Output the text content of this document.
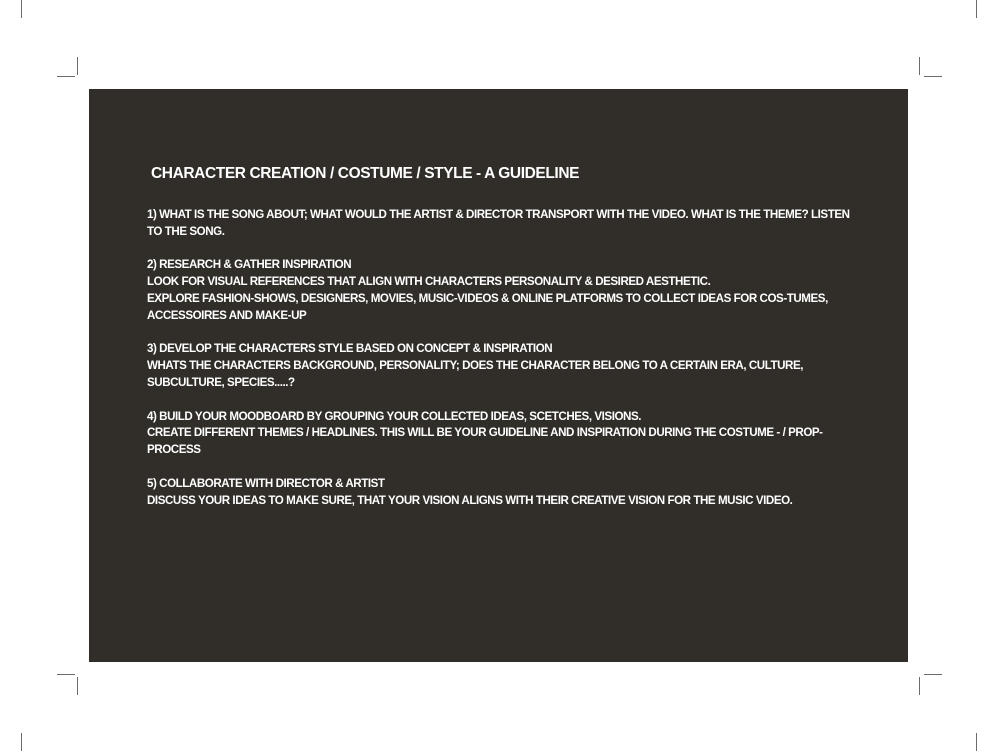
CHARACTER CREATION / COSTUME / STYLE - A GUIDELINE

1) WHAT IS THE SONG ABOUT; WHAT WOULD THE ARTIST & DIRECTOR TRANSPORT WITH THE VIDEO. WHAT IS THE THEME? LISTEN TO THE SONG.

2) RESEARCH & GATHER INSPIRATION

LOOK FOR VISUAL REFERENCES THAT ALIGN WITH CHARACTERS PERSONALITY & DESIRED AESTHETIC.

EXPLORE FASHION-SHOWS, DESIGNERS, MOVIES, MUSIC-VIDEOS & ONLINE PLATFORMS TO COLLECT IDEAS FOR COS-TUMES, ACCESSOIRES AND MAKE-UP

3) DEVELOP THE CHARACTERS STYLE BASED ON CONCEPT & INSPIRATION

WHATS THE CHARACTERS BACKGROUND, PERSONALITY; DOES THE CHARACTER BELONG TO A CERTAIN ERA, CULTURE, SUBCULTURE, SPECIES.....?

4) BUILD YOUR MOODBOARD BY GROUPING YOUR COLLECTED IDEAS, SCETCHES, VISIONS.

CREATE DIFFERENT THEMES / HEADLINES. THIS WILL BE YOUR GUIDELINE AND INSPIRATION DURING THE COSTUME - / PROP-PROCESS

5) COLLABORATE WITH DIRECTOR & ARTIST

DISCUSS YOUR IDEAS TO MAKE SURE, THAT YOUR VISION ALIGNS WITH THEIR CREATIVE VISION FOR THE MUSIC VIDEO.
